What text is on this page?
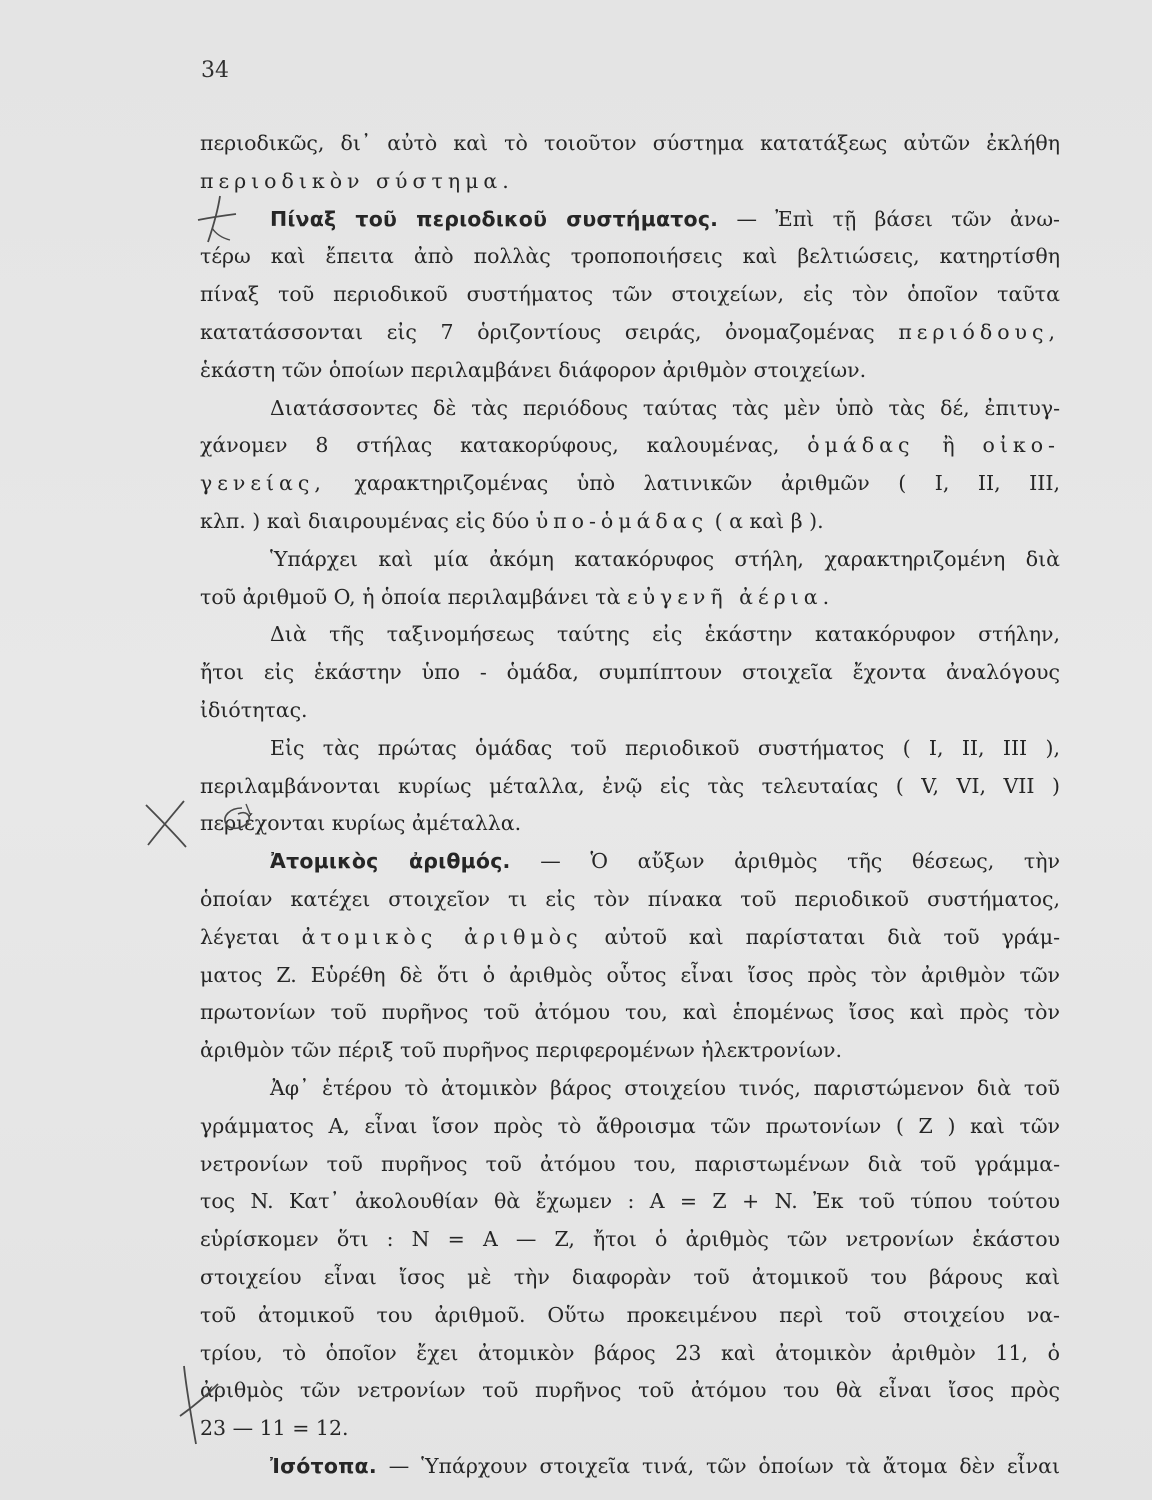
34
περιοδικῶς, δι᾽ αὐτὸ καὶ τὸ τοιοῦτον σύστημα κατατάξεως αὐτῶν ἐκλήθη
περιοδικὸν σύστημα.
Πίναξ τοῦ περιοδικοῦ συστήματος. — Ἐπὶ τῇ βάσει τῶν ἀνω-
τέρω καὶ ἔπειτα ἀπὸ πολλὰς τροποποιήσεις καὶ βελτιώσεις, κατηρτίσθη
πίναξ τοῦ περιοδικοῦ συστήματος τῶν στοιχείων, εἰς τὸν ὁποῖον ταῦτα
κατατάσσονται εἰς 7 ὁριζοντίους σειράς, ὀνομαζομένας περιόδους,
ἑκάστη τῶν ὁποίων περιλαμβάνει διάφορον ἀριθμὸν στοιχείων.
Διατάσσοντες δὲ τὰς περιόδους ταύτας τὰς μὲν ὑπὸ τὰς δέ, ἐπιτυγ-
χάνομεν 8 στήλας κατακορύφους, καλουμένας, ὁμάδας ἢ οἰκο-
γενείας, χαρακτηριζομένας ὑπὸ λατινικῶν ἀριθμῶν ( I, II, III,
κλπ. ) καὶ διαιρουμένας εἰς δύο ὑπο-ὁμάδας ( α καὶ β ).
Ὑπάρχει καὶ μία ἀκόμη κατακόρυφος στήλη, χαρακτηριζομένη διὰ
τοῦ ἀριθμοῦ O, ἡ ὁποία περιλαμβάνει τὰ εὐγενῆ ἀέρια.
Διὰ τῆς ταξινομήσεως ταύτης εἰς ἑκάστην κατακόρυφον στήλην,
ἤτοι εἰς ἑκάστην ὑπο - ὁμάδα, συμπίπτουν στοιχεῖα ἔχοντα ἀναλόγους
ἰδιότητας.
Εἰς τὰς πρώτας ὁμάδας τοῦ περιοδικοῦ συστήματος ( I, II, III ),
περιλαμβάνονται κυρίως μέταλλα, ἐνῷ εἰς τὰς τελευταίας ( V, VI, VII )
περιέχονται κυρίως ἀμέταλλα.
Ἀτομικὸς ἀριθμός. — Ὁ αὔξων ἀριθμὸς τῆς θέσεως, τὴν
ὁποίαν κατέχει στοιχεῖον τι εἰς τὸν πίνακα τοῦ περιοδικοῦ συστήματος,
λέγεται ἀτομικὸς ἀριθμὸς αὐτοῦ καὶ παρίσταται διὰ τοῦ γράμ-
ματος Z. Εὑρέθη δὲ ὅτι ὁ ἀριθμὸς οὗτος εἶναι ἴσος πρὸς τὸν ἀριθμὸν τῶν
πρωτονίων τοῦ πυρῆνος τοῦ ἀτόμου του, καὶ ἑπομένως ἴσος καὶ πρὸς τὸν
ἀριθμὸν τῶν πέριξ τοῦ πυρῆνος περιφερομένων ἠλεκτρονίων.
Ἀφ᾽ ἑτέρου τὸ ἀτομικὸν βάρος στοιχείου τινός, παριστώμενον διὰ τοῦ
γράμματος A, εἶναι ἴσον πρὸς τὸ ἄθροισμα τῶν πρωτονίων ( Z ) καὶ τῶν
νετρονίων τοῦ πυρῆνος τοῦ ἀτόμου του, παριστωμένων διὰ τοῦ γράμμα-
τος N. Κατ᾽ ἀκολουθίαν θὰ ἔχωμεν : A = Z + N. Ἐκ τοῦ τύπου τούτου
εὑρίσκομεν ὅτι : N = A — Z, ἤτοι ὁ ἀριθμὸς τῶν νετρονίων ἑκάστου
στοιχείου εἶναι ἴσος μὲ τὴν διαφορὰν τοῦ ἀτομικοῦ του βάρους καὶ
τοῦ ἀτομικοῦ του ἀριθμοῦ. Οὕτω προκειμένου περὶ τοῦ στοιχείου να-
τρίου, τὸ ὁποῖον ἔχει ἀτομικὸν βάρος 23 καὶ ἀτομικὸν ἀριθμὸν 11, ὁ
ἀριθμὸς τῶν νετρονίων τοῦ πυρῆνος τοῦ ἀτόμου του θὰ εἶναι ἴσος πρὸς
23 — 11 = 12.
Ἰσότοπα. — Ὑπάρχουν στοιχεῖα τινά, τῶν ὁποίων τὰ ἄτομα δὲν εἶναι
